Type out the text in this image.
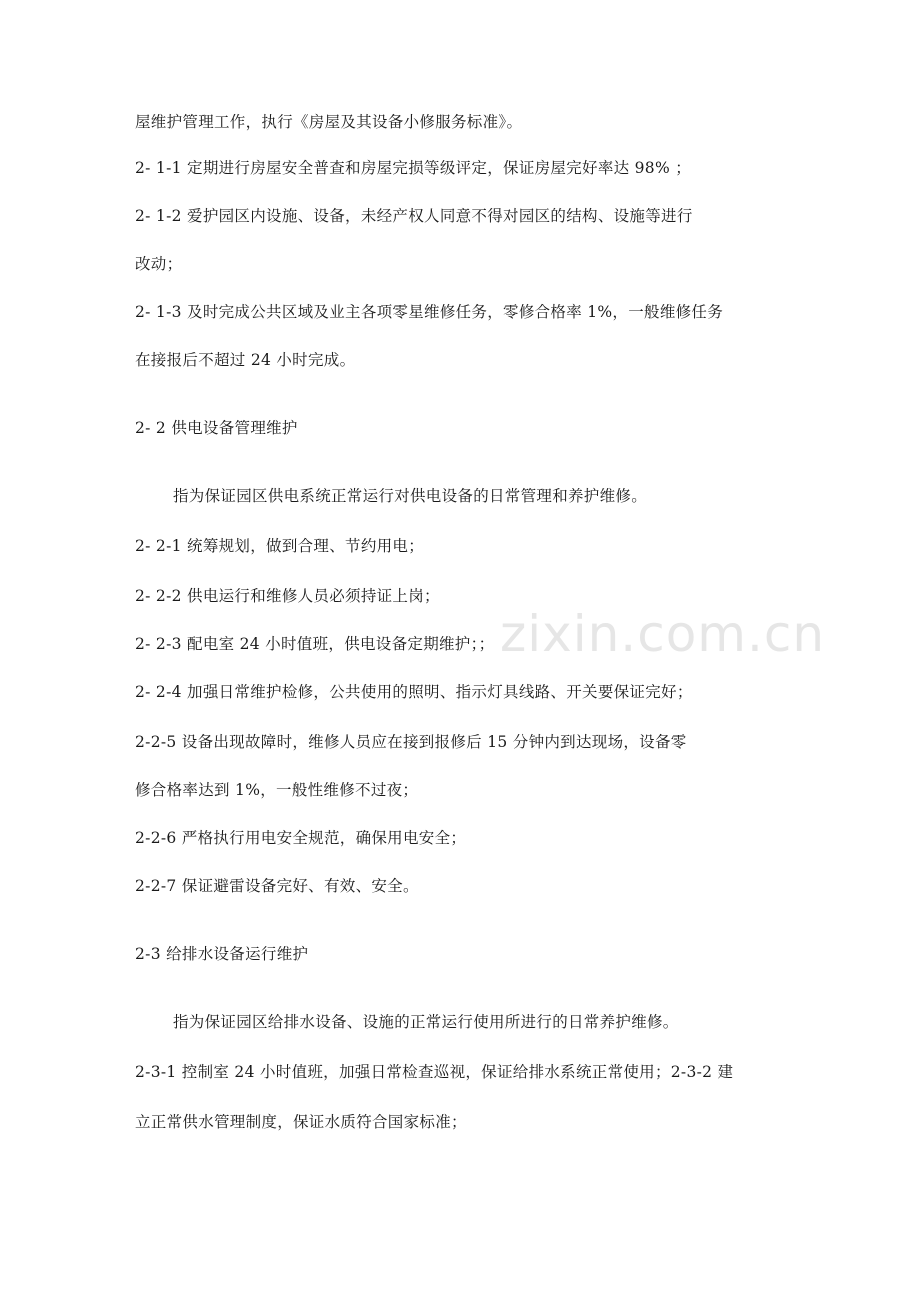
zixin.com.cn
屋维护管理工作，执行《房屋及其设备小修服务标准》。
2- 1-1 定期进行房屋安全普查和房屋完损等级评定，保证房屋完好率达 98% ；
2- 1-2 爱护园区内设施、设备，未经产权人同意不得对园区的结构、设施等进行
改动；
2- 1-3 及时完成公共区域及业主各项零星维修任务，零修合格率 1%，一般维修任务
在接报后不超过 24 小时完成。
2- 2 供电设备管理维护
指为保证园区供电系统正常运行对供电设备的日常管理和养护维修。
2- 2-1 统筹规划，做到合理、节约用电；
2- 2-2 供电运行和维修人员必须持证上岗；
2- 2-3 配电室 24 小时值班，供电设备定期维护；；
2- 2-4 加强日常维护检修，公共使用的照明、指示灯具线路、开关要保证完好；
2-2-5 设备出现故障时，维修人员应在接到报修后 15 分钟内到达现场，设备零
修合格率达到 1%，一般性维修不过夜；
2-2-6 严格执行用电安全规范，确保用电安全；
2-2-7 保证避雷设备完好、有效、安全。
2-3 给排水设备运行维护
指为保证园区给排水设备、设施的正常运行使用所进行的日常养护维修。
2-3-1 控制室 24 小时值班，加强日常检查巡视，保证给排水系统正常使用；2-3-2 建
立正常供水管理制度，保证水质符合国家标准；
